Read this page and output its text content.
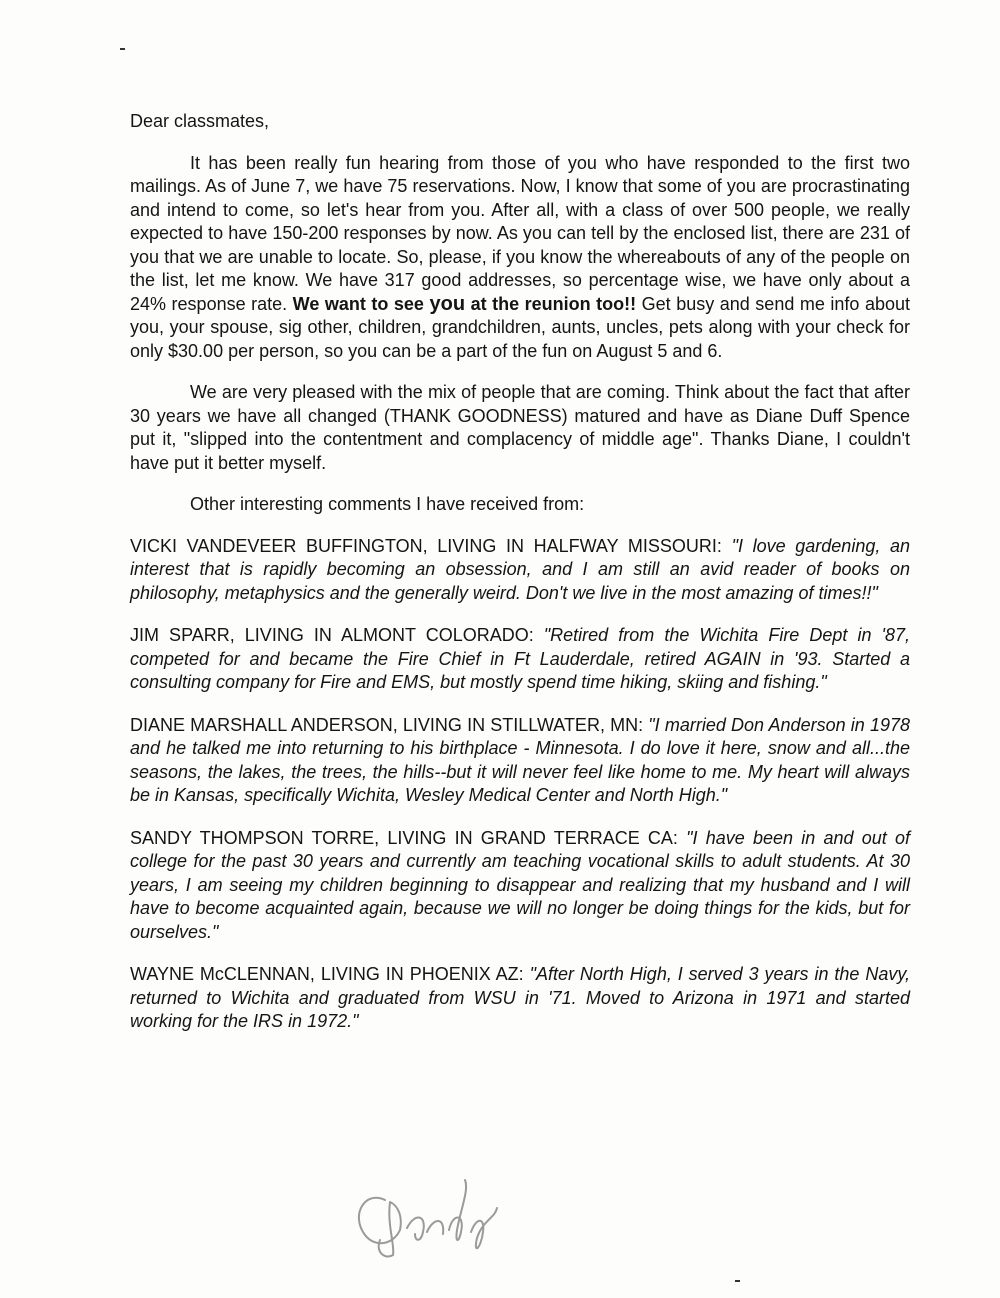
Dear classmates,

It has been really fun hearing from those of you who have responded to the first two mailings. As of June 7, we have 75 reservations. Now, I know that some of you are procrastinating and intend to come, so let's hear from you. After all, with a class of over 500 people, we really expected to have 150-200 responses by now. As you can tell by the enclosed list, there are 231 of you that we are unable to locate. So, please, if you know the whereabouts of any of the people on the list, let me know. We have 317 good addresses, so percentage wise, we have only about a 24% response rate. We want to see you at the reunion too!! Get busy and send me info about you, your spouse, sig other, children, grandchildren, aunts, uncles, pets along with your check for only $30.00 per person, so you can be a part of the fun on August 5 and 6.

We are very pleased with the mix of people that are coming. Think about the fact that after 30 years we have all changed (THANK GOODNESS) matured and have as Diane Duff Spence put it, "slipped into the contentment and complacency of middle age". Thanks Diane, I couldn't have put it better myself.

Other interesting comments I have received from:

VICKI VANDEVEER BUFFINGTON, LIVING IN HALFWAY MISSOURI: "I love gardening, an interest that is rapidly becoming an obsession, and I am still an avid reader of books on philosophy, metaphysics and the generally weird. Don't we live in the most amazing of times!!"

JIM SPARR, LIVING IN ALMONT COLORADO: "Retired from the Wichita Fire Dept in '87, competed for and became the Fire Chief in Ft Lauderdale, retired AGAIN in '93. Started a consulting company for Fire and EMS, but mostly spend time hiking, skiing and fishing."

DIANE MARSHALL ANDERSON, LIVING IN STILLWATER, MN: "I married Don Anderson in 1978 and he talked me into returning to his birthplace - Minnesota. I do love it here, snow and all...the seasons, the lakes, the trees, the hills--but it will never feel like home to me. My heart will always be in Kansas, specifically Wichita, Wesley Medical Center and North High."

SANDY THOMPSON TORRE, LIVING IN GRAND TERRACE CA: "I have been in and out of college for the past 30 years and currently am teaching vocational skills to adult students. At 30 years, I am seeing my children beginning to disappear and realizing that my husband and I will have to become acquainted again, because we will no longer be doing things for the kids, but for ourselves."

WAYNE McCLENNAN, LIVING IN PHOENIX AZ: "After North High, I served 3 years in the Navy, returned to Wichita and graduated from WSU in '71. Moved to Arizona in 1971 and started working for the IRS in 1972."
